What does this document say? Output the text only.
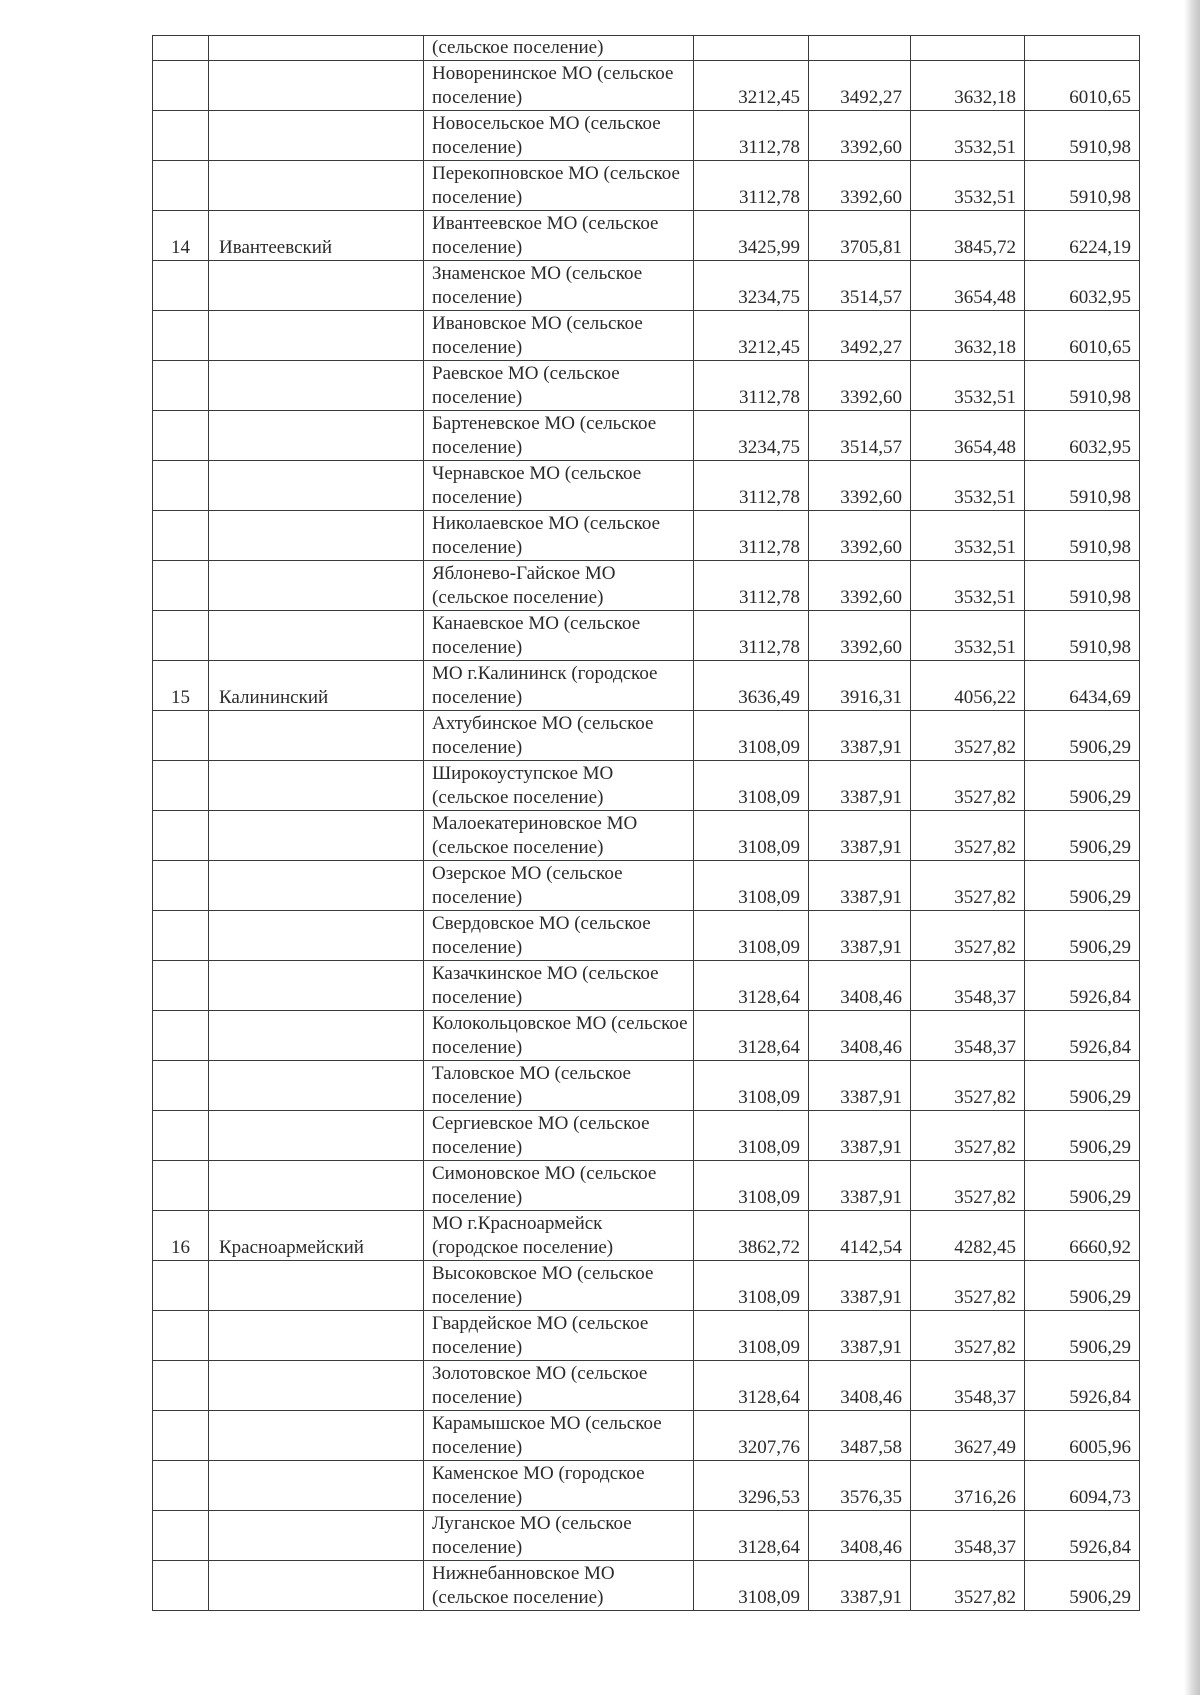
		(сельское поселение)				
		Новоренинское МО (сельское поселение)	3212,45	3492,27	3632,18	6010,65
		Новосельское МО (сельское поселение)	3112,78	3392,60	3532,51	5910,98
		Перекопновское МО (сельское поселение)	3112,78	3392,60	3532,51	5910,98
14	Ивантеевский	Ивантеевское МО (сельское поселение)	3425,99	3705,81	3845,72	6224,19
		Знаменское МО (сельское поселение)	3234,75	3514,57	3654,48	6032,95
		Ивановское МО (сельское поселение)	3212,45	3492,27	3632,18	6010,65
		Раевское МО (сельское поселение)	3112,78	3392,60	3532,51	5910,98
		Бартеневское МО (сельское поселение)	3234,75	3514,57	3654,48	6032,95
		Чернавское МО (сельское поселение)	3112,78	3392,60	3532,51	5910,98
		Николаевское МО (сельское поселение)	3112,78	3392,60	3532,51	5910,98
		Яблонево-Гайское МО (сельское поселение)	3112,78	3392,60	3532,51	5910,98
		Канаевское МО (сельское поселение)	3112,78	3392,60	3532,51	5910,98
15	Калининский	МО г.Калининск (городское поселение)	3636,49	3916,31	4056,22	6434,69
		Ахтубинское МО (сельское поселение)	3108,09	3387,91	3527,82	5906,29
		Широкоуступское МО (сельское поселение)	3108,09	3387,91	3527,82	5906,29
		Малоекатериновское МО (сельское поселение)	3108,09	3387,91	3527,82	5906,29
		Озерское МО (сельское поселение)	3108,09	3387,91	3527,82	5906,29
		Свердовское МО (сельское поселение)	3108,09	3387,91	3527,82	5906,29
		Казачкинское МО (сельское поселение)	3128,64	3408,46	3548,37	5926,84
		Колокольцовское МО (сельское поселение)	3128,64	3408,46	3548,37	5926,84
		Таловское МО (сельское поселение)	3108,09	3387,91	3527,82	5906,29
		Сергиевское МО (сельское поселение)	3108,09	3387,91	3527,82	5906,29
		Симоновское МО (сельское поселение)	3108,09	3387,91	3527,82	5906,29
16	Красноармейский	МО г.Красноармейск (городское поселение)	3862,72	4142,54	4282,45	6660,92
		Высоковское МО (сельское поселение)	3108,09	3387,91	3527,82	5906,29
		Гвардейское МО (сельское поселение)	3108,09	3387,91	3527,82	5906,29
		Золотовское МО (сельское поселение)	3128,64	3408,46	3548,37	5926,84
		Карамышское МО (сельское поселение)	3207,76	3487,58	3627,49	6005,96
		Каменское МО (городское поселение)	3296,53	3576,35	3716,26	6094,73
		Луганское МО (сельское поселение)	3128,64	3408,46	3548,37	5926,84
		Нижнебанновское МО (сельское поселение)	3108,09	3387,91	3527,82	5906,29
